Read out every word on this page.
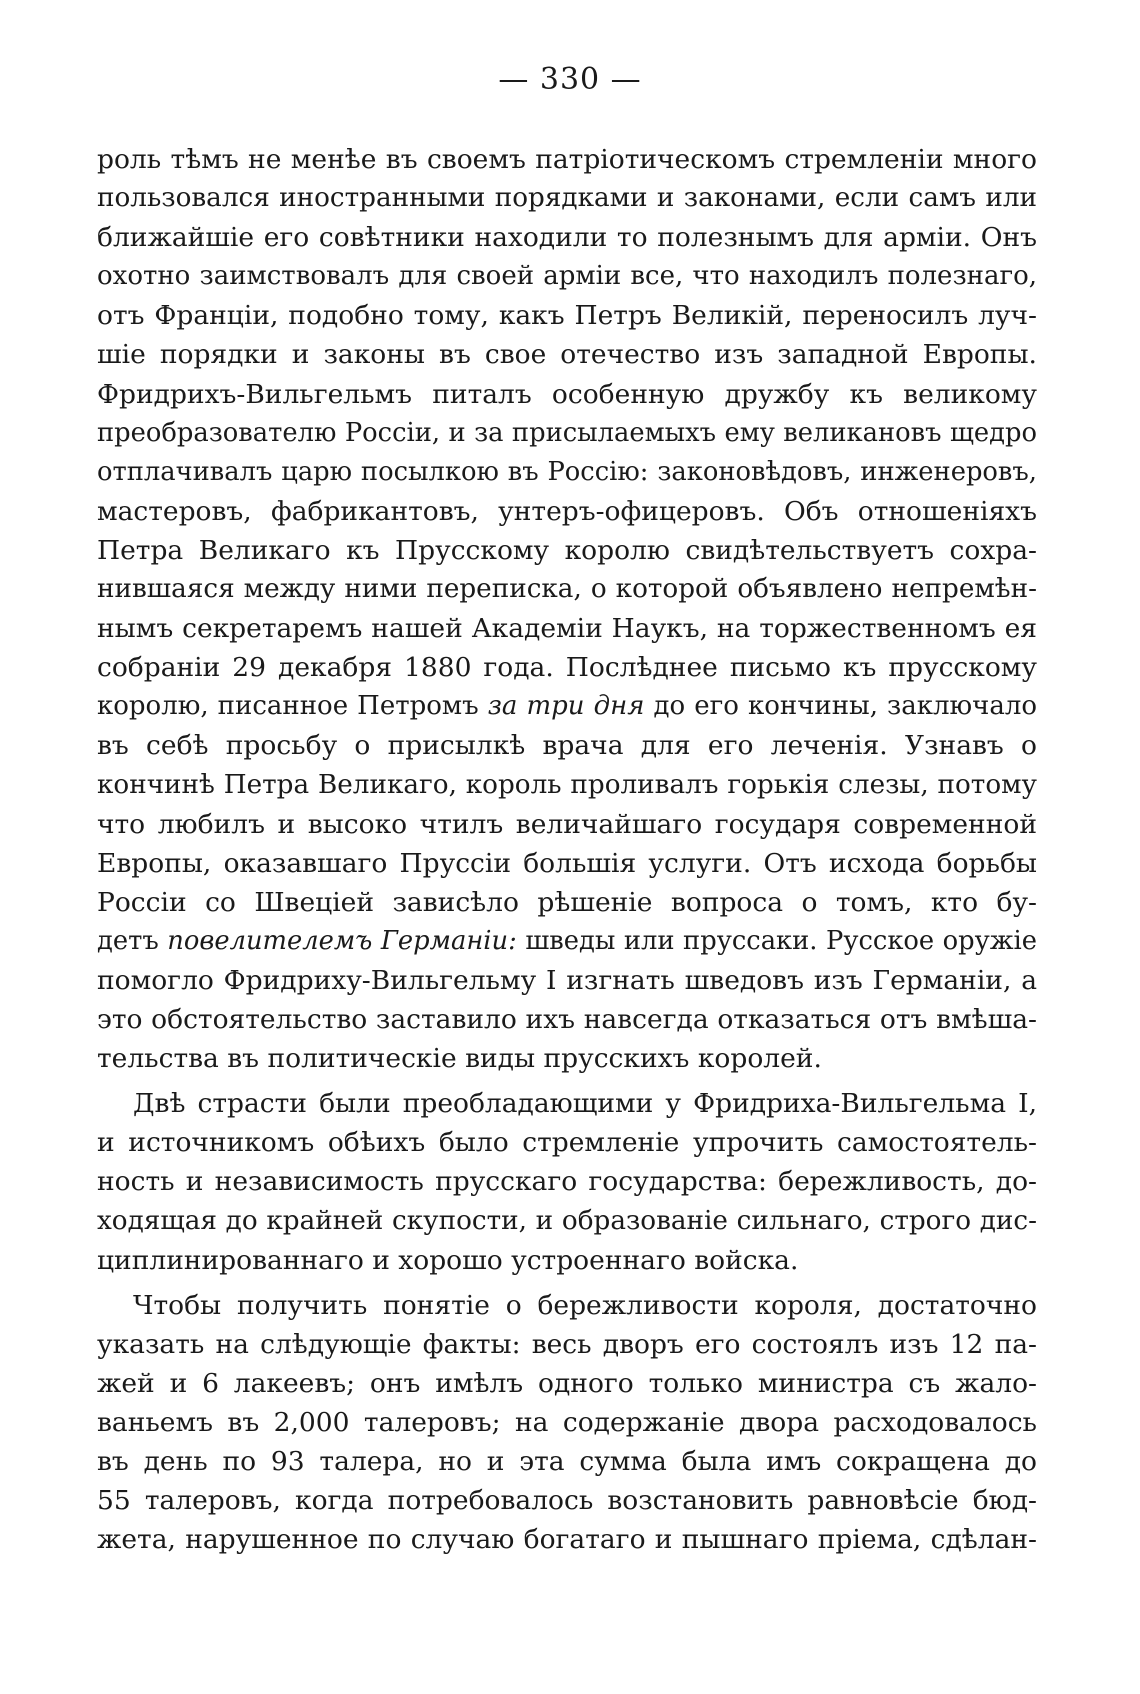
— 330 —

роль тѣмъ не менѣе въ своемъ патріотическомъ стремленіи много
пользовался иностранными порядками и законами, если самъ или
ближайшіе его совѣтники находили то полезнымъ для арміи. Онъ
охотно заимствовалъ для своей арміи все, что находилъ полезнаго,
отъ Франціи, подобно тому, какъ Петръ Великій, переносилъ луч-
шіе порядки и законы въ свое отечество изъ западной Европы.
Фридрихъ-Вильгельмъ питалъ особенную дружбу къ великому
преобразователю Россіи, и за присылаемыхъ ему великановъ щедро
отплачивалъ царю посылкою въ Россію: законовѣдовъ, инженеровъ,
мастеровъ, фабрикантовъ, унтеръ-офицеровъ. Объ отношеніяхъ
Петра Великаго къ Прусскому королю свидѣтельствуетъ сохра-
нившаяся между ними переписка, о которой объявлено непремѣн-
нымъ секретаремъ нашей Академіи Наукъ, на торжественномъ ея
собраніи 29 декабря 1880 года. Послѣднее письмо къ прусскому
королю, писанное Петромъ за три дня до его кончины, заключало
въ себѣ просьбу о присылкѣ врача для его леченія. Узнавъ о
кончинѣ Петра Великаго, король проливалъ горькія слезы, потому
что любилъ и высоко чтилъ величайшаго государя современной
Европы, оказавшаго Пруссіи большія услуги. Отъ исхода борьбы
Россіи со Швеціей зависѣло рѣшеніе вопроса о томъ, кто бу-
детъ повелителемъ Германіи: шведы или пруссаки. Русское оружіе
помогло Фридриху-Вильгельму I изгнать шведовъ изъ Германіи, а
это обстоятельство заставило ихъ навсегда отказаться отъ вмѣша-
тельства въ политическіе виды прусскихъ королей.
Двѣ страсти были преобладающими у Фридриха-Вильгельма I,
и источникомъ обѣихъ было стремленіе упрочить самостоятель-
ность и независимость прусскаго государства: бережливость, до-
ходящая до крайней скупости, и образованіе сильнаго, строго дис-
циплинированнаго и хорошо устроеннаго войска.
Чтобы получить понятіе о бережливости короля, достаточно
указать на слѣдующіе факты: весь дворъ его состоялъ изъ 12 па-
жей и 6 лакеевъ; онъ имѣлъ одного только министра съ жало-
ваньемъ въ 2,000 талеровъ; на содержаніе двора расходовалось
въ день по 93 талера, но и эта сумма была имъ сокращена до
55 талеровъ, когда потребовалось возстановить равновѣсіе бюд-
жета, нарушенное по случаю богатаго и пышнаго пріема, сдѣлан-
